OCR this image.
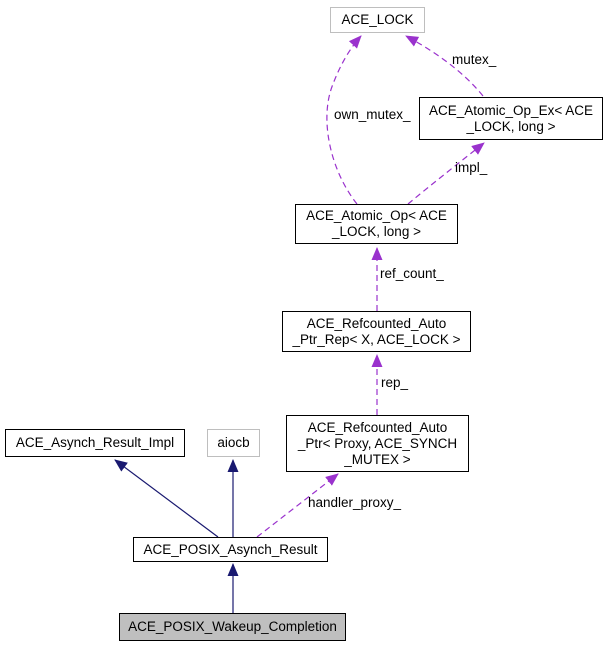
ACE_LOCK
ACE_Atomic_Op_Ex< ACE
_LOCK, long >
ACE_Atomic_Op< ACE
_LOCK, long >
ACE_Refcounted_Auto
_Ptr_Rep< X, ACE_LOCK >
ACE_Refcounted_Auto
_Ptr< Proxy, ACE_SYNCH
_MUTEX >
ACE_Asynch_Result_Impl	aiocb
ACE_POSIX_Asynch_Result
ACE_POSIX_Wakeup_Completion
mutex_
own_mutex_
impl_
ref_count_
rep_
handler_proxy_
